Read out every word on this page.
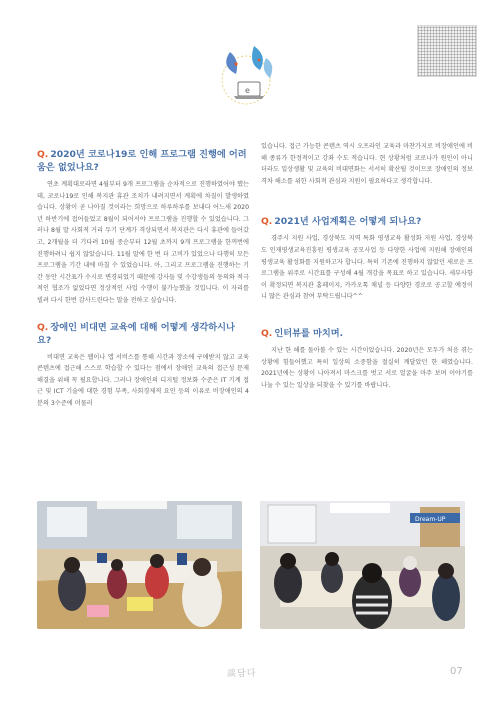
e
Q. 2020년 코로나19로 인해 프로그램 진행에 어려움은 없었나요?

연초 계획대로라면 4월부터 9개 프로그램을 순차적으로 진행하였어야 했는데, 코로나19로 인해 복지관 휴관 조치가 내려지면서 계획에 차질이 발생하였습니다. 상황이 곧 나아질 것이라는 희망으로 하루하루를 보내다 어느새 2020년 하반기에 접어들었고 8월이 되어서야 프로그램을 진행할 수 있었습니다. 그러나 8월 말 사회적 거리 두기 단계가 격상되면서 복지관은 다시 휴관에 들어갔고, 2개월을 더 기다려 10월 중순부터 12월 초까지 9개 프로그램을 한꺼번에 진행하려니 쉽지 않았습니다. 11월 말에 한 번 더 고비가 있었으나 다행히 모든 프로그램을 기간 내에 마칠 수 있었습니다. 아, 그리고 프로그램을 진행하는 기간 동안 시간표가 수시로 변경되었기 때문에 강사들 및 수강생들의 동의와 적극적인 협조가 없었다면 정상적인 사업 수행이 불가능했을 것입니다. 이 자리를 빌려 다시 한번 감사드린다는 말을 전하고 싶습니다.

Q. 장애인 비대면 교육에 대해 어떻게 생각하시나요?

비대면 교육은 웹이나 앱 서비스를 통해 시간과 장소에 구애받지 않고 교육 콘텐츠에 접근해 스스로 학습할 수 있다는 점에서 장애인 교육의 접근성 문제 해결을 위해 꼭 필요합니다. 그러나 장애인의 디지털 정보화 수준은 IT 기계 접근 및 ICT 기술에 대한 경험 부족, 사회경제적 요인 등의 이유로 비장애인의 4분의 3수준에 머물러

있습니다. 접근 가능한 콘텐츠 역시 오프라인 교육과 마찬가지로 비장애인에 비해 종류가 한정적이고 강좌 수도 적습니다. 현 상황처럼 코로나가 원인이 아니더라도 일상생활 및 교육의 비대면화는 서서히 확산될 것이므로 장애인의 정보격차 해소를 위한 사회적 관심과 지원이 필요하다고 생각합니다.

Q. 2021년 사업계획은 어떻게 되나요?

경주시 지원 사업, 경상북도 지역 특화 평생교육 활성화 지원 사업, 경상북도 인재평생교육진흥원 평생교육 공모사업 등 다양한 사업에 지원해 장애인의 평생교육 활성화를 지원하고자 합니다. 특히 기존에 진행하지 않았던 새로운 프로그램을 위주로 시간표를 구성해 4월 개강을 목표로 하고 있습니다. 세부사항이 확정되면 복지관 홈페이지, 카카오톡 채널 등 다양한 경로로 공고할 예정이니 많은 관심과 참여 부탁드립니다^^

Q. 인터뷰를 마치며.

지난 한 해를 돌아볼 수 있는 시간이었습니다. 2020년은 모두가 처음 겪는 상황에 힘들어했고 특히 일상의 소중함을 절실히 깨달았던 한 해였습니다. 2021년에는 상황이 나아져서 마스크를 벗고 서로 얼굴을 마주 보며 이야기를 나눌 수 있는 일상을 되찾을 수 있기를 바랍니다.

Dream-UP
談담다	07
